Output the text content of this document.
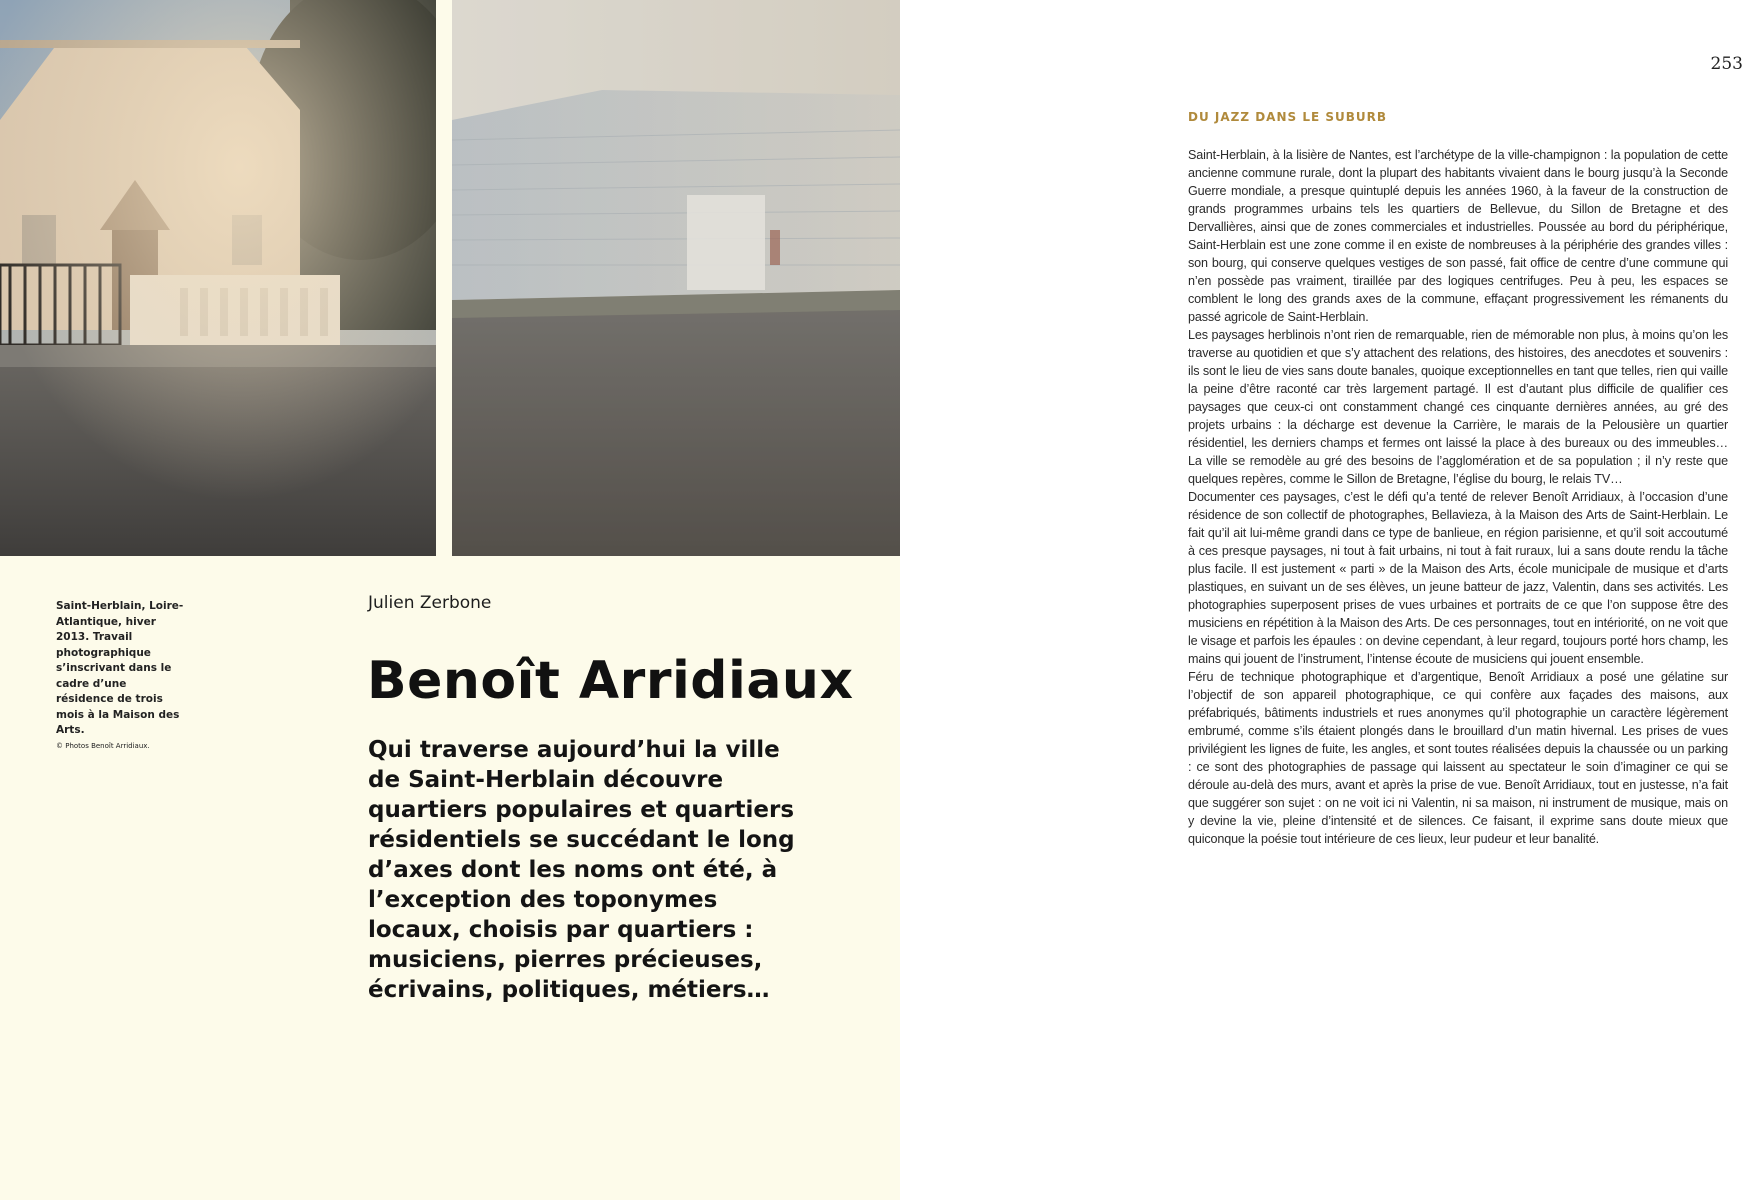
Saint-Herblain, Loire-Atlantique, hiver 2013. Travail photographique s’inscrivant dans le cadre d’une résidence de trois mois à la Maison des Arts.
© Photos Benoît Arridiaux.
Julien Zerbone
Benoît Arridiaux

Qui traverse aujourd’hui la ville de Saint-Herblain découvre quartiers populaires et quartiers résidentiels se succédant le long d’axes dont les noms ont été, à l’exception des toponymes locaux, choisis par quartiers : musiciens, pierres précieuses, écrivains, politiques, métiers…

253
DU JAZZ DANS LE SUBURB

Saint-Herblain, à la lisière de Nantes, est l’archétype de la ville-champignon : la population de cette ancienne commune rurale, dont la plupart des habitants vivaient dans le bourg jusqu’à la Seconde Guerre mondiale, a presque quintuplé depuis les années 1960, à la faveur de la construction de grands programmes urbains tels les quartiers de Bellevue, du Sillon de Bretagne et des Dervallières, ainsi que de zones commerciales et industrielles. Poussée au bord du périphérique, Saint-Herblain est une zone comme il en existe de nombreuses à la périphérie des grandes villes : son bourg, qui conserve quelques vestiges de son passé, fait office de centre d’une commune qui n’en possède pas vraiment, tiraillée par des logiques centrifuges. Peu à peu, les espaces se comblent le long des grands axes de la commune, effaçant progressivement les rémanents du passé agricole de Saint-Herblain.

Les paysages herblinois n’ont rien de remarquable, rien de mémorable non plus, à moins qu’on les traverse au quotidien et que s’y attachent des relations, des histoires, des anecdotes et souvenirs : ils sont le lieu de vies sans doute banales, quoique exceptionnelles en tant que telles, rien qui vaille la peine d’être raconté car très largement partagé. Il est d’autant plus difficile de qualifier ces paysages que ceux-ci ont constamment changé ces cinquante dernières années, au gré des projets urbains : la décharge est devenue la Carrière, le marais de la Pelousière un quartier résidentiel, les derniers champs et fermes ont laissé la place à des bureaux ou des immeubles… La ville se remodèle au gré des besoins de l’agglomération et de sa population ; il n’y reste que quelques repères, comme le Sillon de Bretagne, l’église du bourg, le relais TV…

Documenter ces paysages, c’est le défi qu’a tenté de relever Benoît Arridiaux, à l’occasion d’une résidence de son collectif de photographes, Bellavieza, à la Maison des Arts de Saint-Herblain. Le fait qu’il ait lui-même grandi dans ce type de banlieue, en région parisienne, et qu’il soit accoutumé à ces presque paysages, ni tout à fait urbains, ni tout à fait ruraux, lui a sans doute rendu la tâche plus facile. Il est justement « parti » de la Maison des Arts, école municipale de musique et d’arts plastiques, en suivant un de ses élèves, un jeune batteur de jazz, Valentin, dans ses activités. Les photographies superposent prises de vues urbaines et portraits de ce que l’on suppose être des musiciens en répétition à la Maison des Arts. De ces personnages, tout en intériorité, on ne voit que le visage et parfois les épaules : on devine cependant, à leur regard, toujours porté hors champ, les mains qui jouent de l’instrument, l’intense écoute de musiciens qui jouent ensemble.

Féru de technique photographique et d’argentique, Benoît Arridiaux a posé une gélatine sur l’objectif de son appareil photographique, ce qui confère aux façades des maisons, aux préfabriqués, bâtiments industriels et rues anonymes qu’il photographie un caractère légèrement embrumé, comme s’ils étaient plongés dans le brouillard d’un matin hivernal. Les prises de vues privilégient les lignes de fuite, les angles, et sont toutes réalisées depuis la chaussée ou un parking : ce sont des photographies de passage qui laissent au spectateur le soin d’imaginer ce qui se déroule au-delà des murs, avant et après la prise de vue. Benoît Arridiaux, tout en justesse, n’a fait que suggérer son sujet : on ne voit ici ni Valentin, ni sa maison, ni instrument de musique, mais on y devine la vie, pleine d’intensité et de silences. Ce faisant, il exprime sans doute mieux que quiconque la poésie tout intérieure de ces lieux, leur pudeur et leur banalité.
